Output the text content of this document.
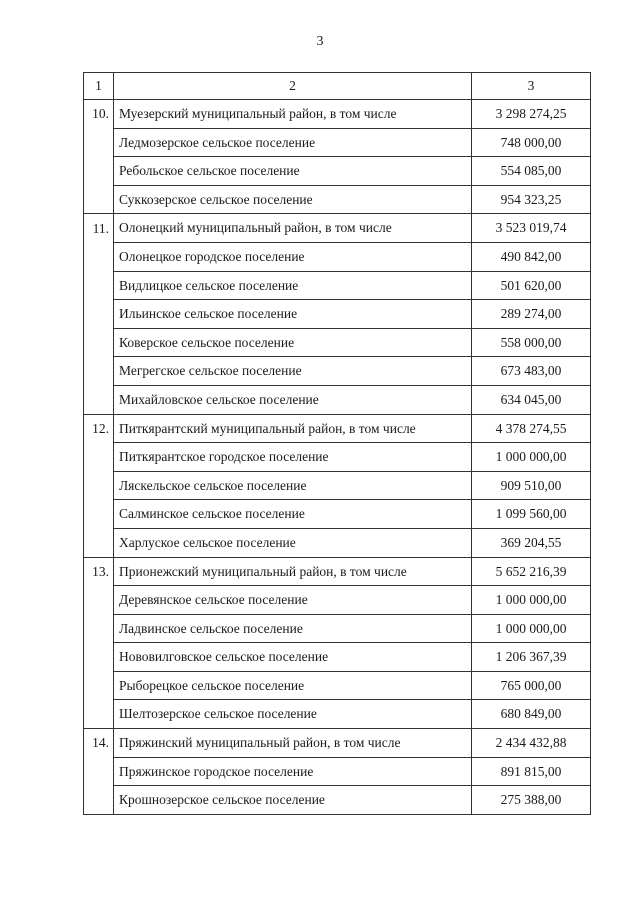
3
1	2	3
10.	Муезерский муниципальный район, в том числе	3 298 274,25
	Ледмозерское сельское поселение	748 000,00
	Ребольское сельское поселение	554 085,00
	Суккозерское сельское поселение	954 323,25
11.	Олонецкий муниципальный район, в том числе	3 523 019,74
	Олонецкое городское поселение	490 842,00
	Видлицкое сельское поселение	501 620,00
	Ильинское сельское поселение	289 274,00
	Коверское сельское поселение	558 000,00
	Мегрегское сельское поселение	673 483,00
	Михайловское сельское поселение	634 045,00
12.	Питкярантский муниципальный район, в том числе	4 378 274,55
	Питкярантское городское поселение	1 000 000,00
	Ляскельское сельское поселение	909 510,00
	Салминское сельское поселение	1 099 560,00
	Харлуское сельское поселение	369 204,55
13.	Прионежский муниципальный район, в том числе	5 652 216,39
	Деревянское сельское поселение	1 000 000,00
	Ладвинское сельское поселение	1 000 000,00
	Нововилговское сельское поселение	1 206 367,39
	Рыборецкое сельское поселение	765 000,00
	Шелтозерское сельское поселение	680 849,00
14.	Пряжинский муниципальный район, в том числе	2 434 432,88
	Пряжинское городское поселение	891 815,00
	Крошнозерское сельское поселение	275 388,00
